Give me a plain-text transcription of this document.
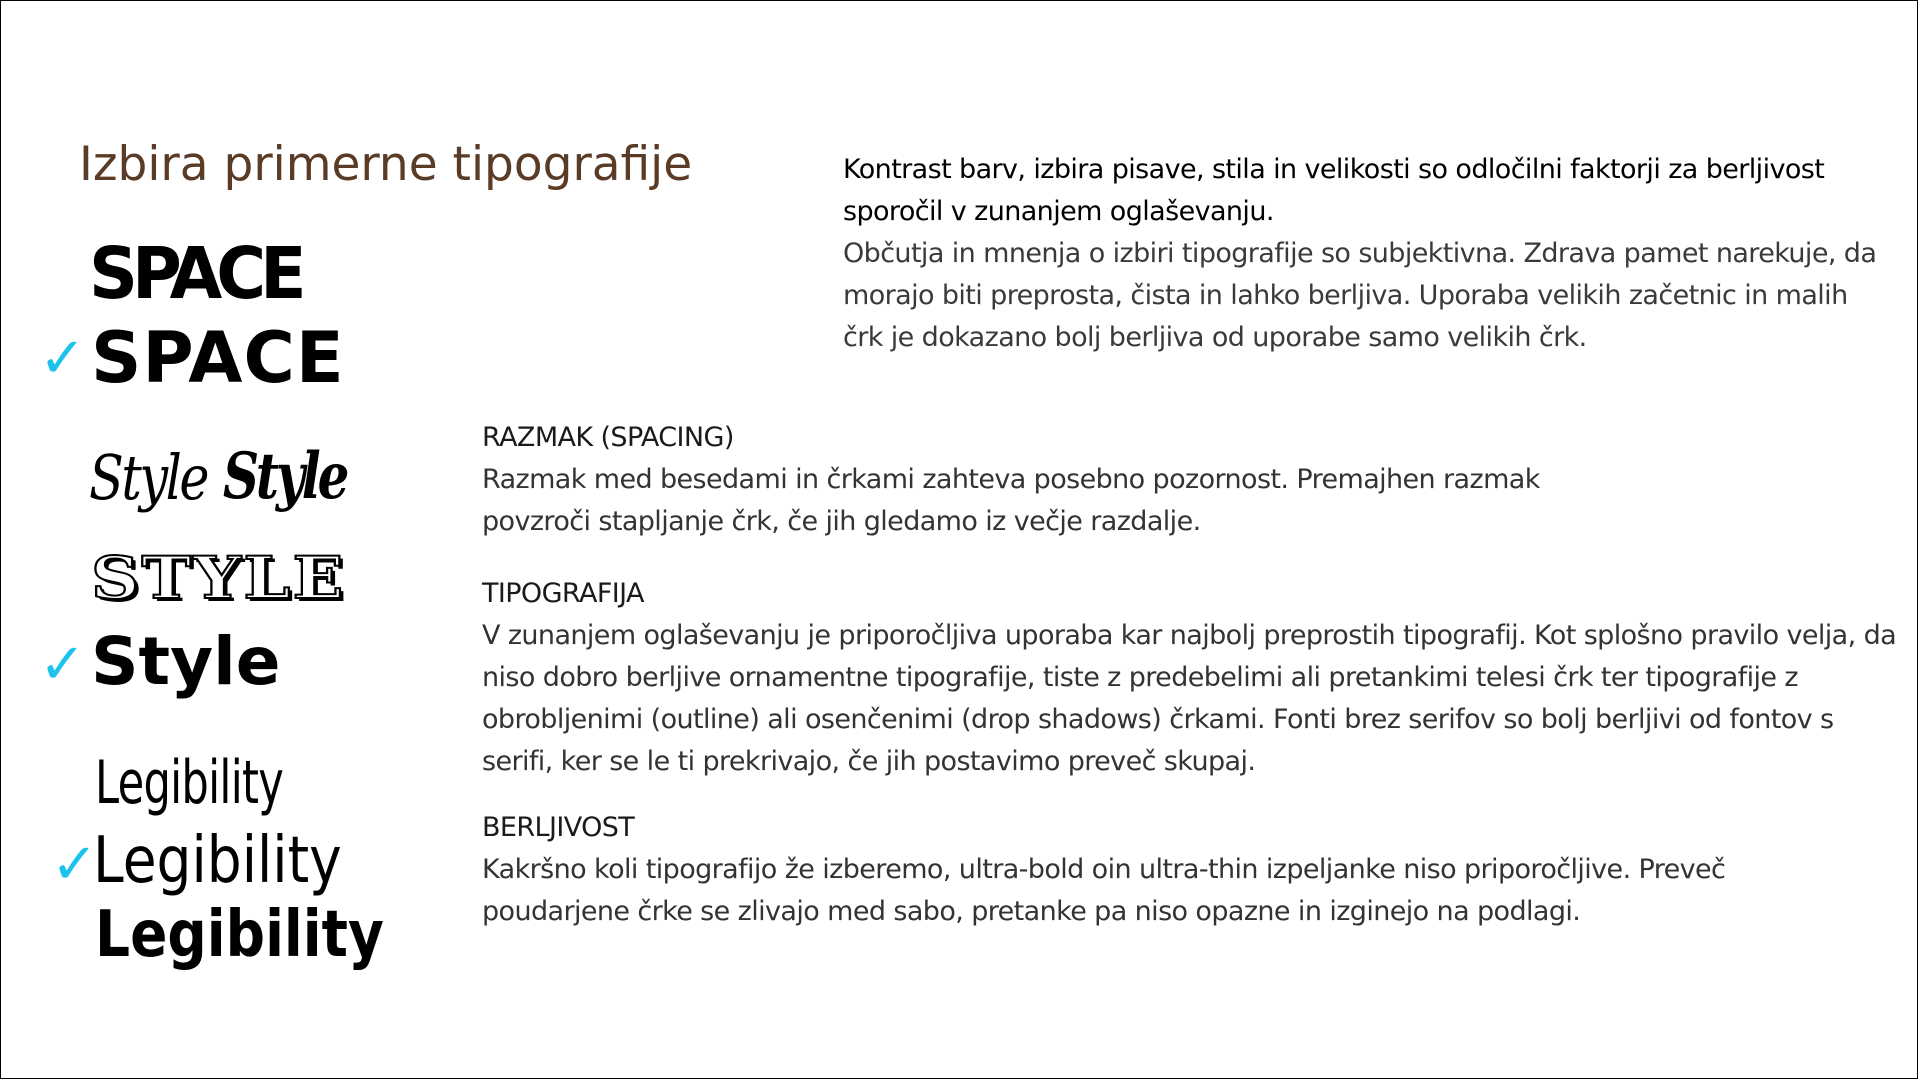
Izbira primerne tipografije
SPACE
✓ SPACE
Style Style
STYLE
✓ Style
Legibility
✓
Legibility
Legibility
Kontrast barv, izbira pisave, stila in velikosti so odločilni faktorji za berljivost sporočil v zunanjem oglaševanju.
Občutja in mnenja o izbiri tipografije so subjektivna. Zdrava pamet narekuje, da morajo biti preprosta, čista in lahko berljiva. Uporaba velikih začetnic in malih črk je dokazano bolj berljiva od uporabe samo velikih črk.
RAZMAK (SPACING)
Razmak med besedami in črkami zahteva posebno pozornost. Premajhen razmak povzroči stapljanje črk, če jih gledamo iz večje razdalje.
TIPOGRAFIJA
V zunanjem oglaševanju je priporočljiva uporaba kar najbolj preprostih tipografij. Kot splošno pravilo velja, da niso dobro berljive ornamentne tipografije, tiste z predebelimi ali pretankimi telesi črk ter tipografije z obrobljenimi (outline) ali osenčenimi (drop shadows) črkami. Fonti brez serifov so bolj berljivi od fontov s serifi, ker se le ti prekrivajo, če jih postavimo preveč skupaj.
BERLJIVOST
Kakršno koli tipografijo že izberemo, ultra-bold oin ultra-thin izpeljanke niso priporočljive. Preveč poudarjene črke se zlivajo med sabo, pretanke pa niso opazne in izginejo na podlagi.
